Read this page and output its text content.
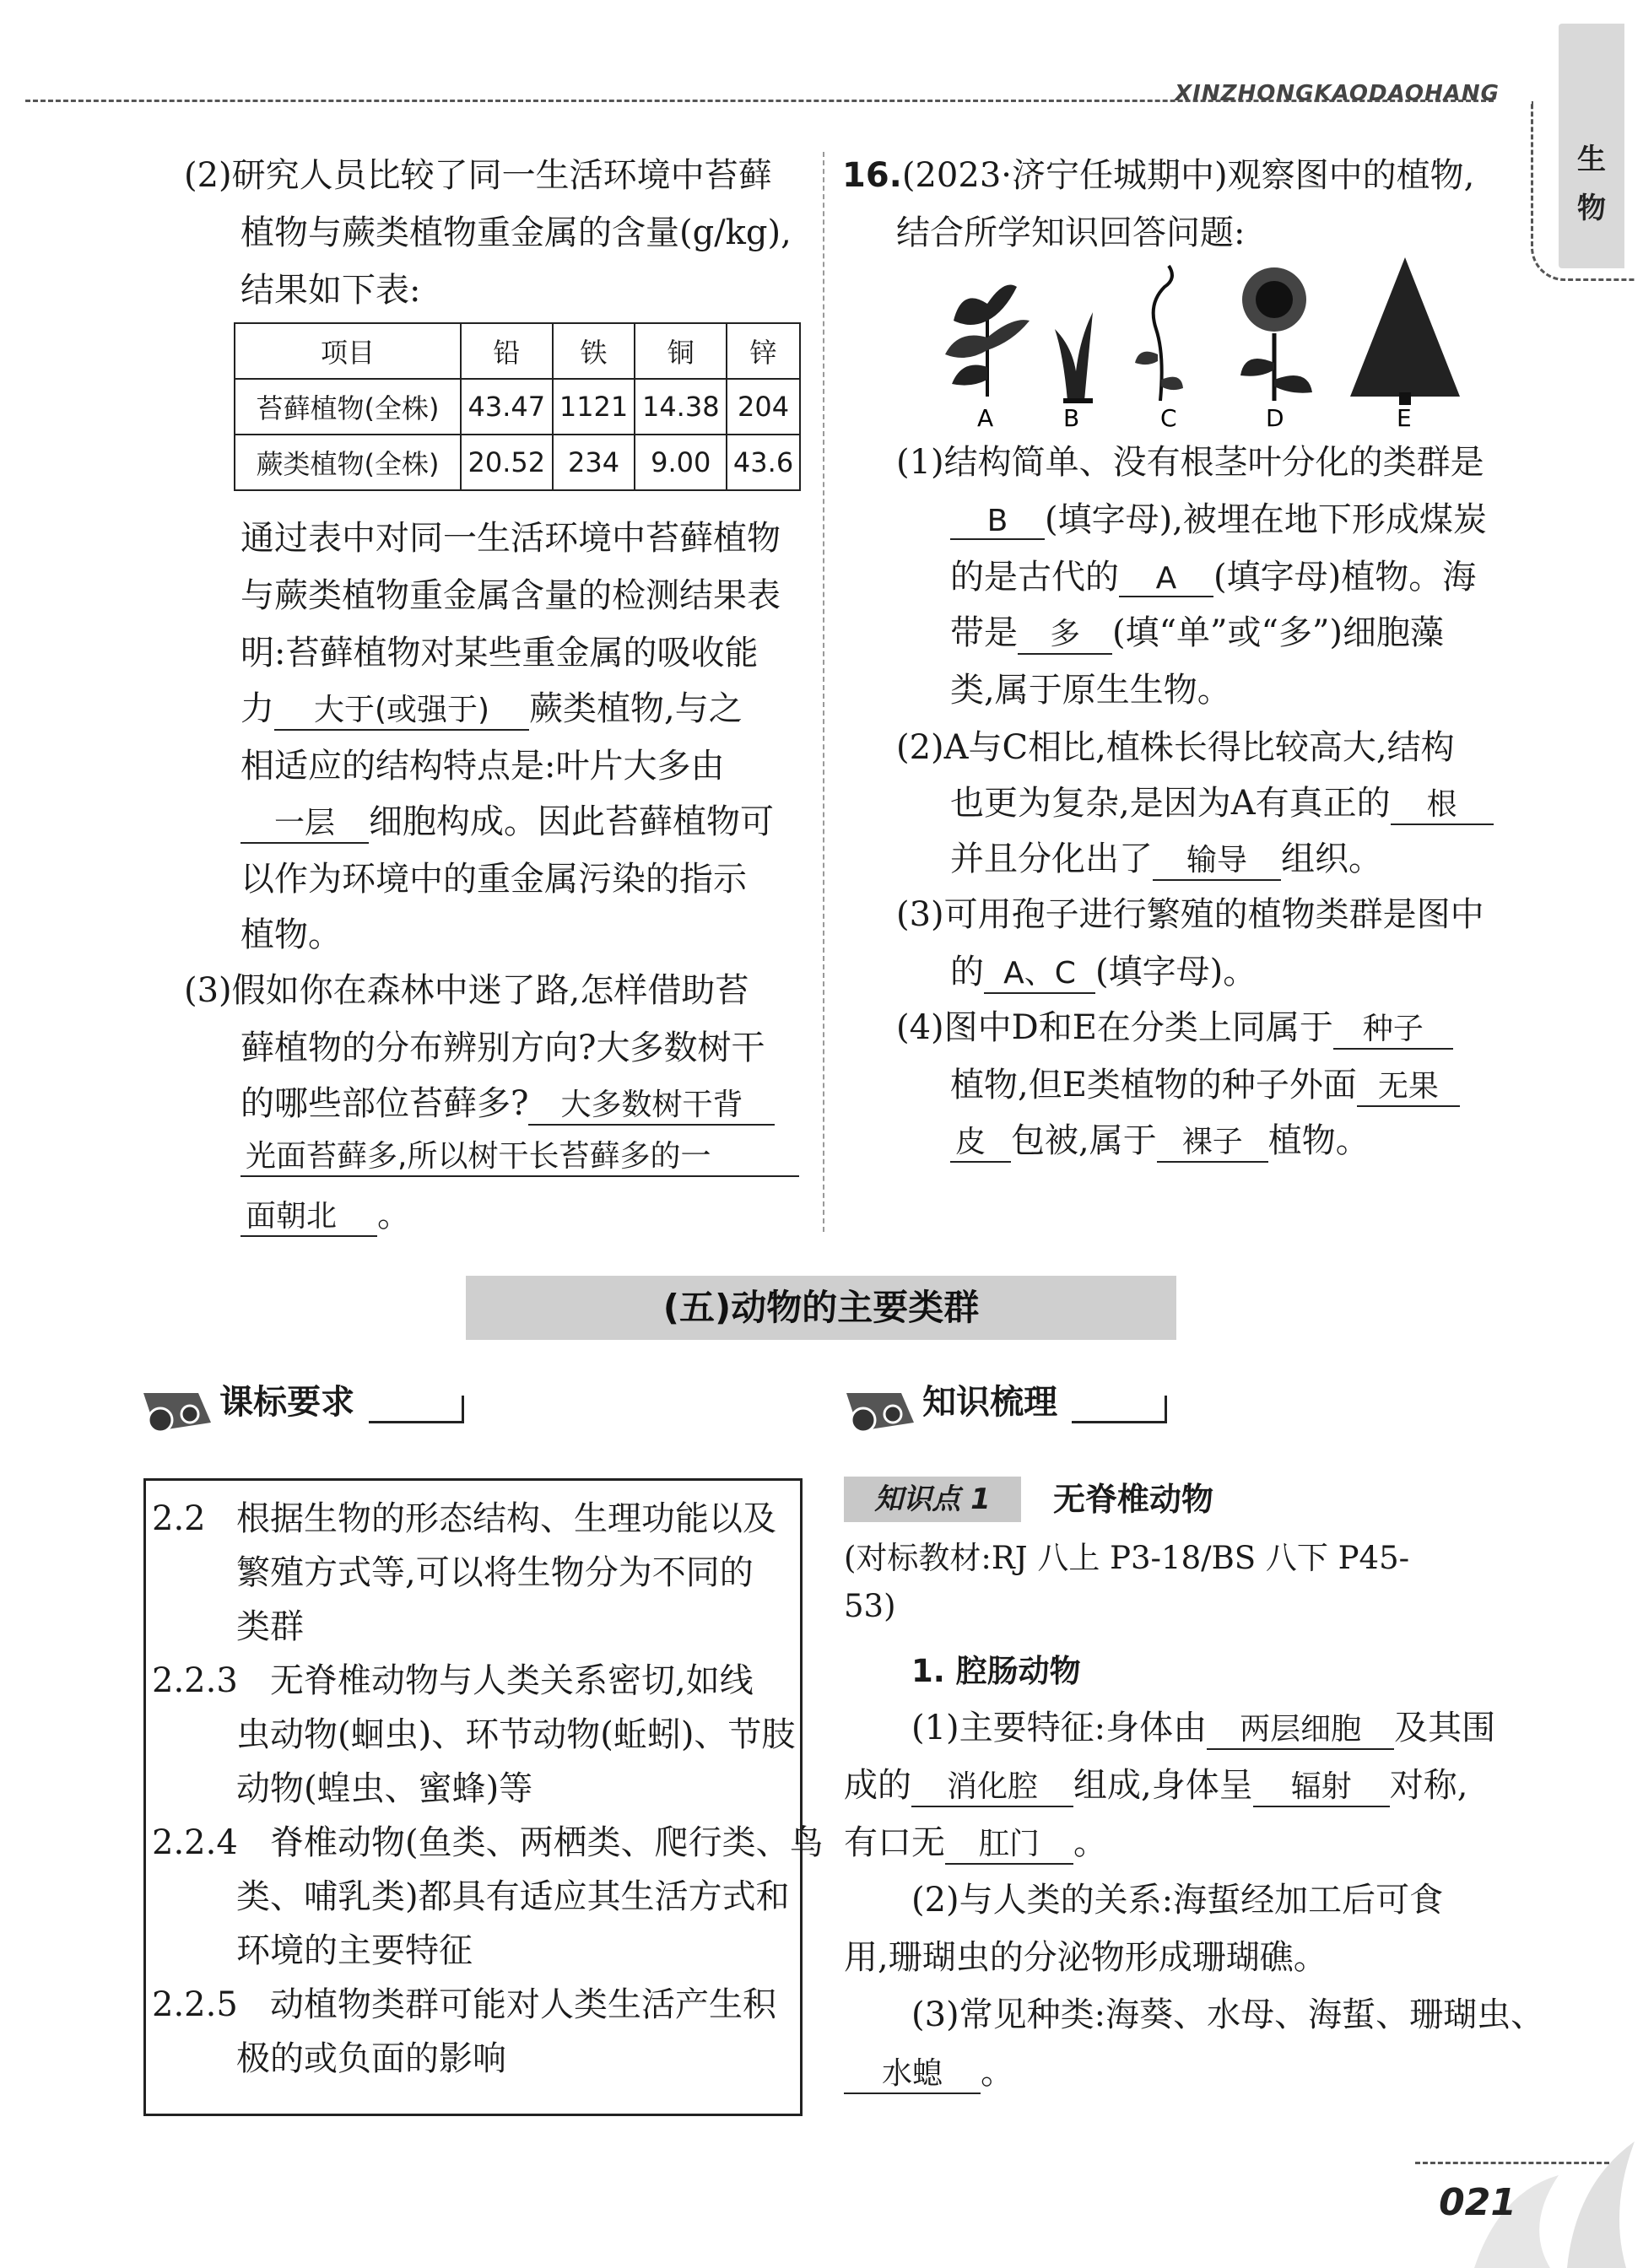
XINZHONGKAODAOHANG
生物
(2)研究人员比较了同一生活环境中苔藓
植物与蕨类植物重金属的含量(g/kg),
结果如下表:
项目	铅	铁	铜	锌
苔藓植物(全株)	43.47	1121	14.38	204
蕨类植物(全株)	20.52	234	9.00	43.6
通过表中对同一生活环境中苔藓植物
与蕨类植物重金属含量的检测结果表
明:苔藓植物对某些重金属的吸收能
力 大于(或强于) 蕨类植物,与之
相适应的结构特点是:叶片大多由
一层 细胞构成。因此苔藓植物可
以作为环境中的重金属污染的指示
植物。
(3)假如你在森林中迷了路,怎样借助苔
藓植物的分布辨别方向?大多数树干
的哪些部位苔藓多? 大多数树干背
光面苔藓多,所以树干长苔藓多的一
面朝北 。
16.(2023·济宁任城期中)观察图中的植物,
结合所学知识回答问题:
A	B	C	D	E
(1)结构简单、没有根茎叶分化的类群是
B (填字母),被埋在地下形成煤炭
的是古代的 A (填字母)植物。海
带是 多 (填“单”或“多”)细胞藻
类,属于原生生物。
(2)A与C相比,植株长得比较高大,结构
也更为复杂,是因为A有真正的 根
并且分化出了 输导 组织。
(3)可用孢子进行繁殖的植物类群是图中
的 A、C (填字母)。
(4)图中D和E在分类上同属于 种子
植物,但E类植物的种子外面 无果
皮 包被,属于 裸子 植物。
(五)动物的主要类群
课标要求
2.2 根据生物的形态结构、生理功能以及
繁殖方式等,可以将生物分为不同的
类群
2.2.3 无脊椎动物与人类关系密切,如线
虫动物(蛔虫)、环节动物(蚯蚓)、节肢
动物(蝗虫、蜜蜂)等
2.2.4 脊椎动物(鱼类、两栖类、爬行类、鸟
类、哺乳类)都具有适应其生活方式和
环境的主要特征
2.2.5 动植物类群可能对人类生活产生积
极的或负面的影响
知识梳理
知识点 1	无脊椎动物
(对标教材:RJ 八上 P3-18/BS 八下 P45-
53)
1. 腔肠动物
(1)主要特征:身体由 两层细胞 及其围
成的 消化腔 组成,身体呈 辐射 对称,
有口无 肛门 。
(2)与人类的关系:海蜇经加工后可食
用,珊瑚虫的分泌物形成珊瑚礁。
(3)常见种类:海葵、水母、海蜇、珊瑚虫、
水螅 。
021
